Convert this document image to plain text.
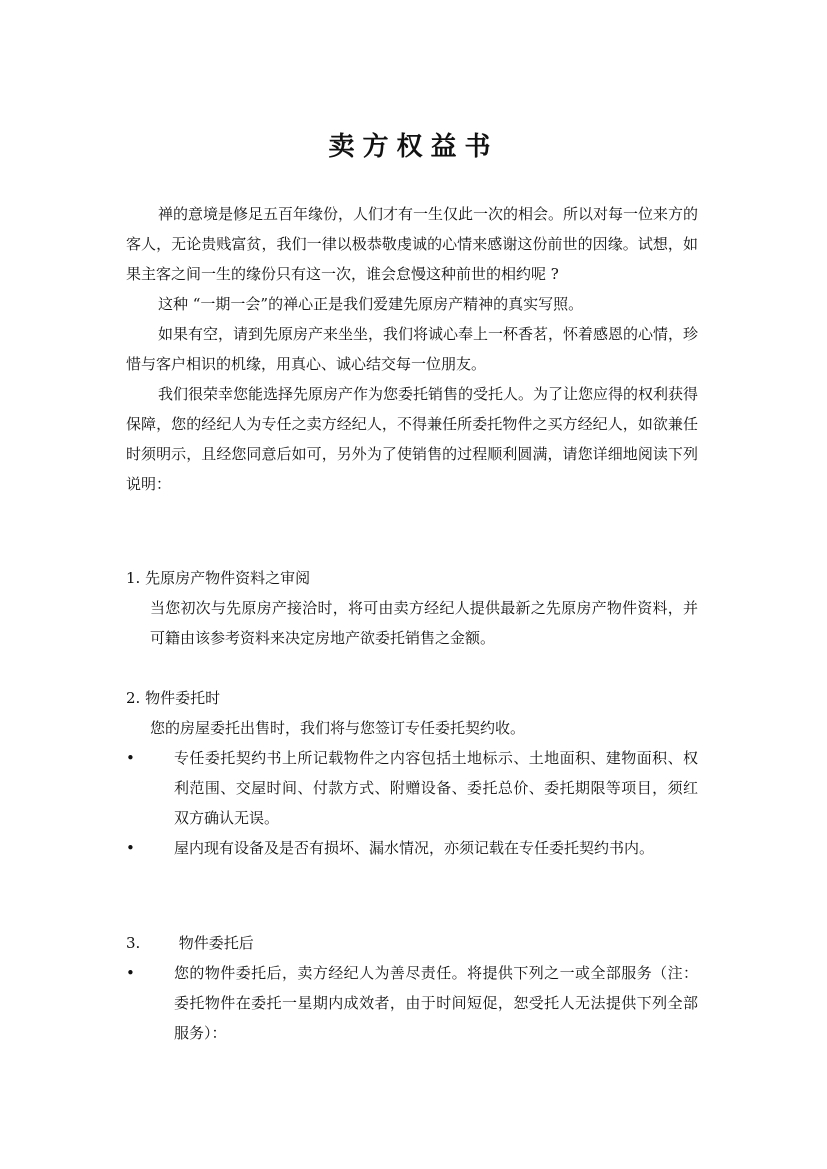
卖方权益书

禅的意境是修足五百年缘份，人们才有一生仅此一次的相会。所以对每一位来方的客人，无论贵贱富贫，我们一律以极恭敬虔诚的心情来感谢这份前世的因缘。试想，如果主客之间一生的缘份只有这一次，谁会怠慢这种前世的相约呢 ?

这种 “一期一会”的禅心正是我们爱建先原房产精神的真实写照。

如果有空，请到先原房产来坐坐，我们将诚心奉上一杯香茗，怀着感恩的心情，珍惜与客户相识的机缘，用真心、诚心结交每一位朋友。

我们很荣幸您能选择先原房产作为您委托销售的受托人。为了让您应得的权利获得保障，您的经纪人为专任之卖方经纪人，不得兼任所委托物件之买方经纪人，如欲兼任时须明示，且经您同意后如可，另外为了使销售的过程顺利圆满，请您详细地阅读下列说明：

1. 先原房产物件资料之审阅

当您初次与先原房产接洽时，将可由卖方经纪人提供最新之先原房产物件资料，并可籍由该参考资料来决定房地产欲委托销售之金额。

2. 物件委托时

您的房屋委托出售时，我们将与您签订专任委托契约收。

•	专任委托契约书上所记载物件之内容包括土地标示、土地面积、建物面积、权利范围、交屋时间、付款方式、附赠设备、委托总价、委托期限等项目，须红双方确认无误。

•	屋内现有设备及是否有损坏、漏水情况，亦须记载在专任委托契约书内。

3.	物件委托后

•	您的物件委托后，卖方经纪人为善尽责任。将提供下列之一或全部服务（注：委托物件在委托一星期内成效者，由于时间短促，恕受托人无法提供下列全部服务）：
